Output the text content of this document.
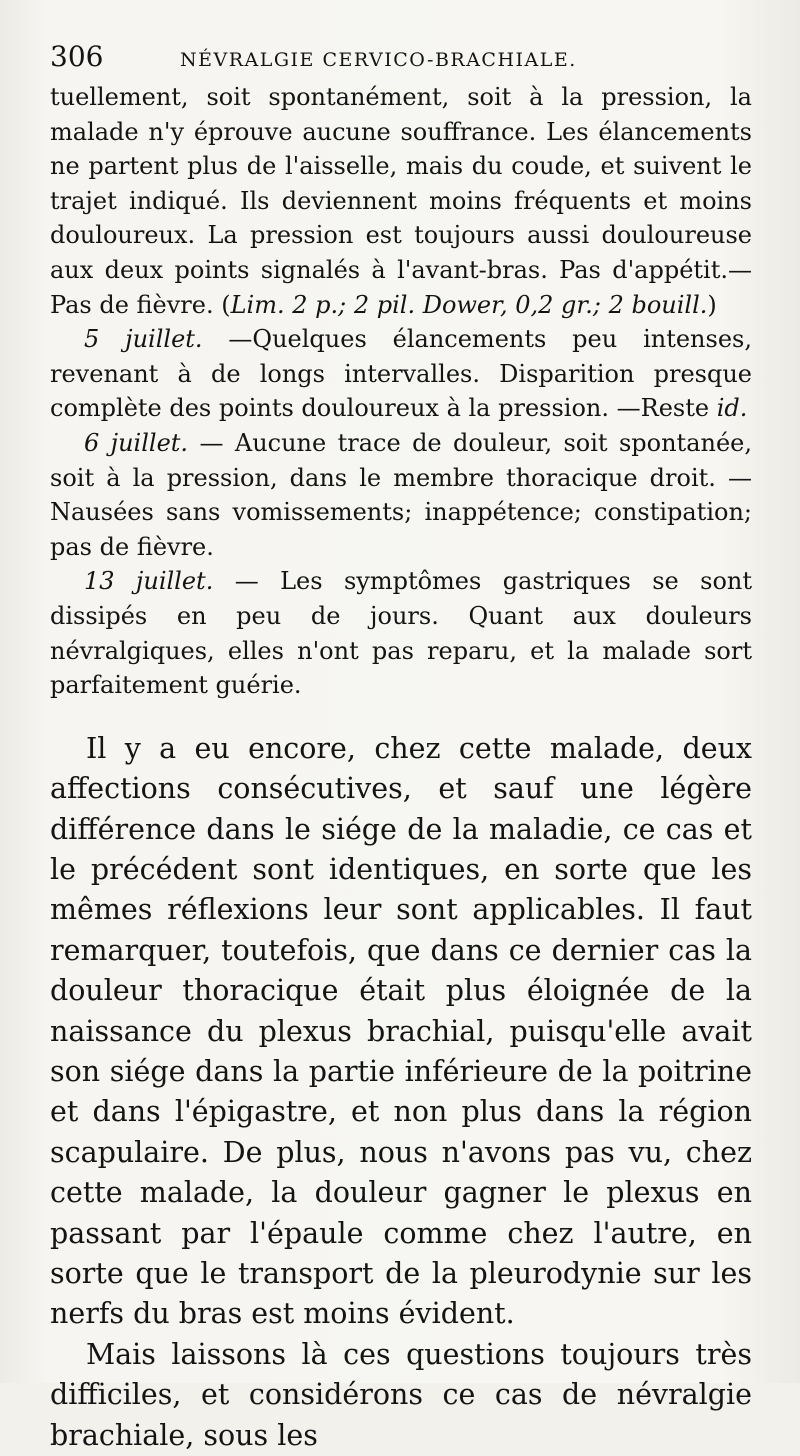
306	NÉVRALGIE CERVICO-BRACHIALE.

tuellement, soit spontanément, soit à la pression, la malade n'y éprouve aucune souffrance. Les élancements ne partent plus de l'aisselle, mais du coude, et suivent le trajet indiqué. Ils deviennent moins fréquents et moins douloureux. La pression est toujours aussi douloureuse aux deux points signalés à l'avant-bras. Pas d'appétit.—Pas de fièvre. (Lim. 2 p.; 2 pil. Dower, 0,2 gr.; 2 bouill.)

5 juillet. —Quelques élancements peu intenses, revenant à de longs intervalles. Disparition presque complète des points douloureux à la pression. —Reste id.

6 juillet. — Aucune trace de douleur, soit spontanée, soit à la pression, dans le membre thoracique droit. — Nausées sans vomissements; inappétence; constipation; pas de fièvre.

13 juillet. — Les symptômes gastriques se sont dissipés en peu de jours. Quant aux douleurs névralgiques, elles n'ont pas reparu, et la malade sort parfaitement guérie.

Il y a eu encore, chez cette malade, deux affections consécutives, et sauf une légère différence dans le siége de la maladie, ce cas et le précédent sont identiques, en sorte que les mêmes réflexions leur sont applicables. Il faut remarquer, toutefois, que dans ce dernier cas la douleur thoracique était plus éloignée de la naissance du plexus brachial, puisqu'elle avait son siége dans la partie inférieure de la poitrine et dans l'épigastre, et non plus dans la région scapulaire. De plus, nous n'avons pas vu, chez cette malade, la douleur gagner le plexus en passant par l'épaule comme chez l'autre, en sorte que le transport de la pleurodynie sur les nerfs du bras est moins évident.

Mais laissons là ces questions toujours très difficiles, et considérons ce cas de névralgie brachiale, sous les
